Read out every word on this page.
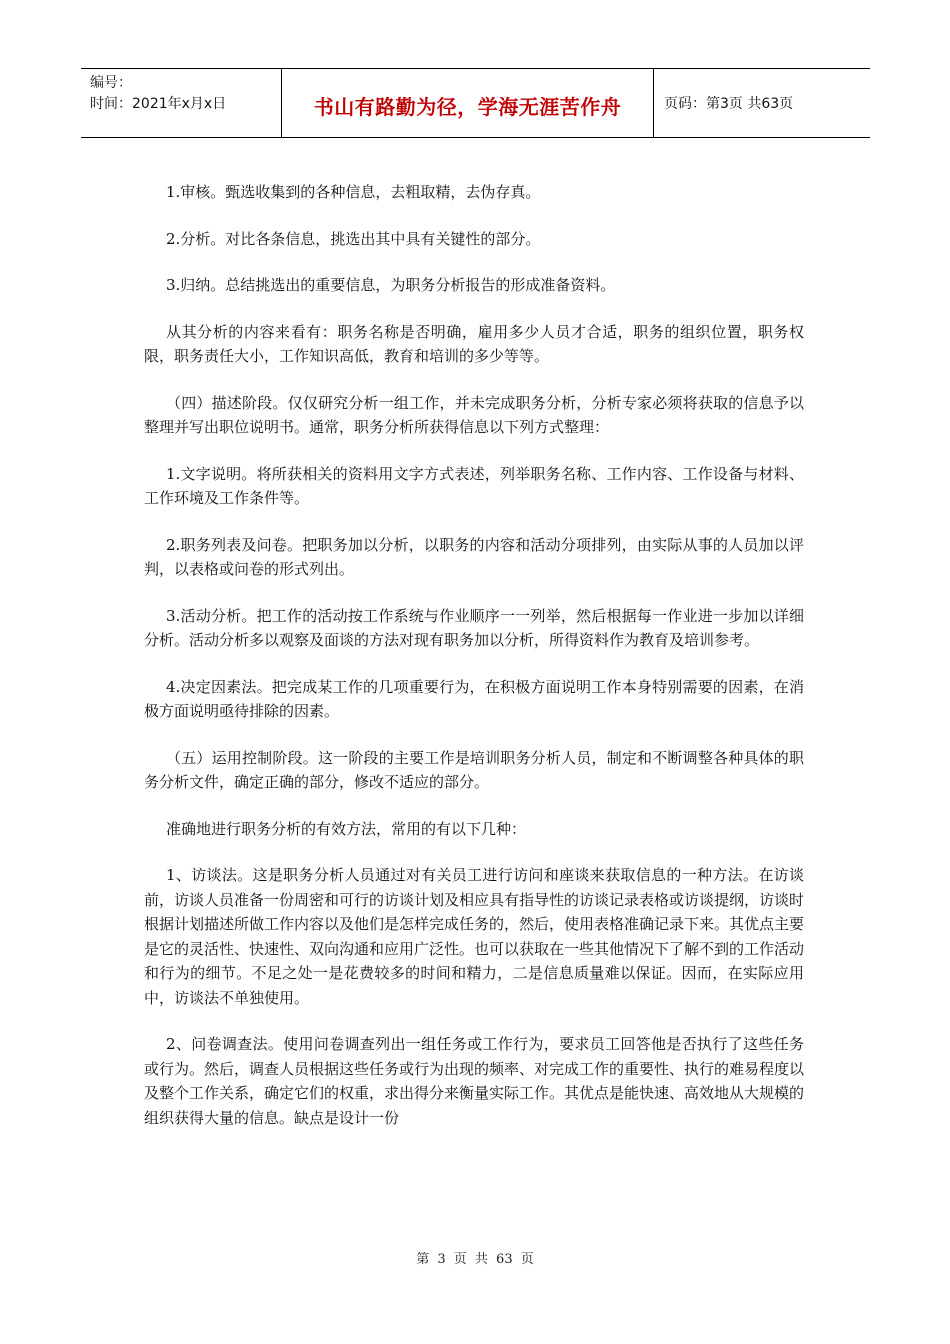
编号：
时间：2021年x月x日	书山有路勤为径，学海无涯苦作舟	页码：第3页 共63页

1.审核。甄选收集到的各种信息，去粗取精，去伪存真。

2.分析。对比各条信息，挑选出其中具有关键性的部分。

3.归纳。总结挑选出的重要信息，为职务分析报告的形成准备资料。

从其分析的内容来看有：职务名称是否明确，雇用多少人员才合适，职务的组织位置，职务权限，职务责任大小，工作知识高低，教育和培训的多少等等。

（四）描述阶段。仅仅研究分析一组工作，并未完成职务分析，分析专家必须将获取的信息予以整理并写出职位说明书。通常，职务分析所获得信息以下列方式整理：

1.文字说明。将所获相关的资料用文字方式表述，列举职务名称、工作内容、工作设备与材料、工作环境及工作条件等。

2.职务列表及问卷。把职务加以分析，以职务的内容和活动分项排列，由实际从事的人员加以评判，以表格或问卷的形式列出。

3.活动分析。把工作的活动按工作系统与作业顺序一一列举，然后根据每一作业进一步加以详细分析。活动分析多以观察及面谈的方法对现有职务加以分析，所得资料作为教育及培训参考。

4.决定因素法。把完成某工作的几项重要行为，在积极方面说明工作本身特别需要的因素，在消极方面说明亟待排除的因素。

（五）运用控制阶段。这一阶段的主要工作是培训职务分析人员，制定和不断调整各种具体的职务分析文件，确定正确的部分，修改不适应的部分。

准确地进行职务分析的有效方法，常用的有以下几种：

1、访谈法。这是职务分析人员通过对有关员工进行访问和座谈来获取信息的一种方法。在访谈前，访谈人员准备一份周密和可行的访谈计划及相应具有指导性的访谈记录表格或访谈提纲，访谈时根据计划描述所做工作内容以及他们是怎样完成任务的，然后，使用表格准确记录下来。其优点主要是它的灵活性、快速性、双向沟通和应用广泛性。也可以获取在一些其他情况下了解不到的工作活动和行为的细节。不足之处一是花费较多的时间和精力，二是信息质量难以保证。因而，在实际应用中，访谈法不单独使用。

2、问卷调查法。使用问卷调查列出一组任务或工作行为，要求员工回答他是否执行了这些任务或行为。然后，调查人员根据这些任务或行为出现的频率、对完成工作的重要性、执行的难易程度以及整个工作关系，确定它们的权重，求出得分来衡量实际工作。其优点是能快速、高效地从大规模的组织获得大量的信息。缺点是设计一份

第 3 页 共 63 页
